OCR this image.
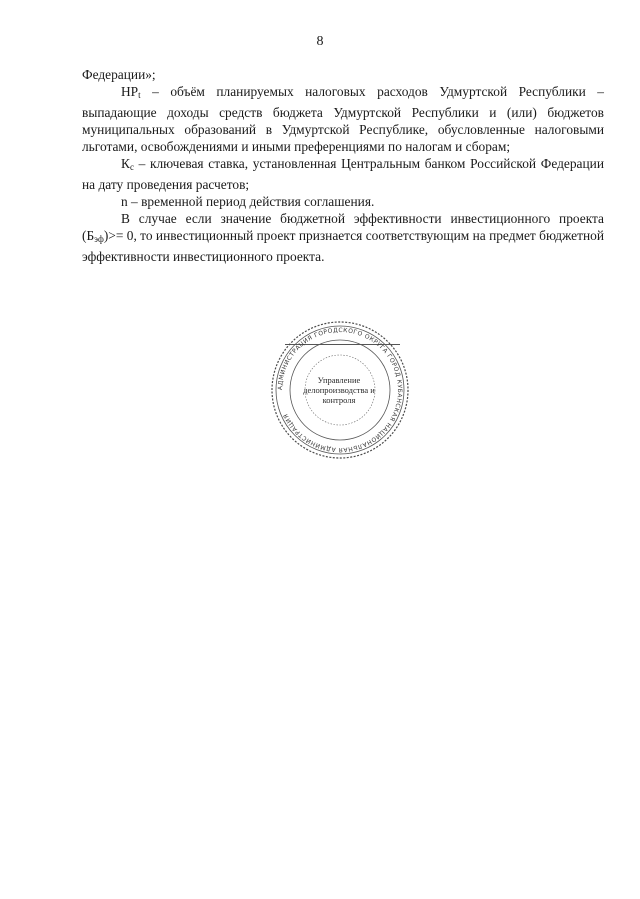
8

Федерации»;

$НР_t$ – объём планируемых налоговых расходов Удмуртской Республики – выпадающие доходы средств бюджета Удмуртской Республики и (или) бюджетов муниципальных образований в Удмуртской Республике, обусловленные налоговыми льготами, освобождениями и иными преференциями по налогам и сборам;

$К_с$ – ключевая ставка, установленная Центральным банком Российской Федерации на дату проведения расчетов;

n – временной период действия соглашения.

В случае если значение бюджетной эффективности инвестиционного проекта $(Б_{эф})>= 0$, то инвестиционный проект признается соответствующим на предмет бюджетной эффективности инвестиционного проекта.

АДМИНИСТРАЦИЯ ГОРОДСКОГО ОКРУГА ГОРОД КУБАНСКАЯ НАЦИОНАЛЬНАЯ АДМИНИСТРАЦИЯ
Управление делопроизводства и контроля
